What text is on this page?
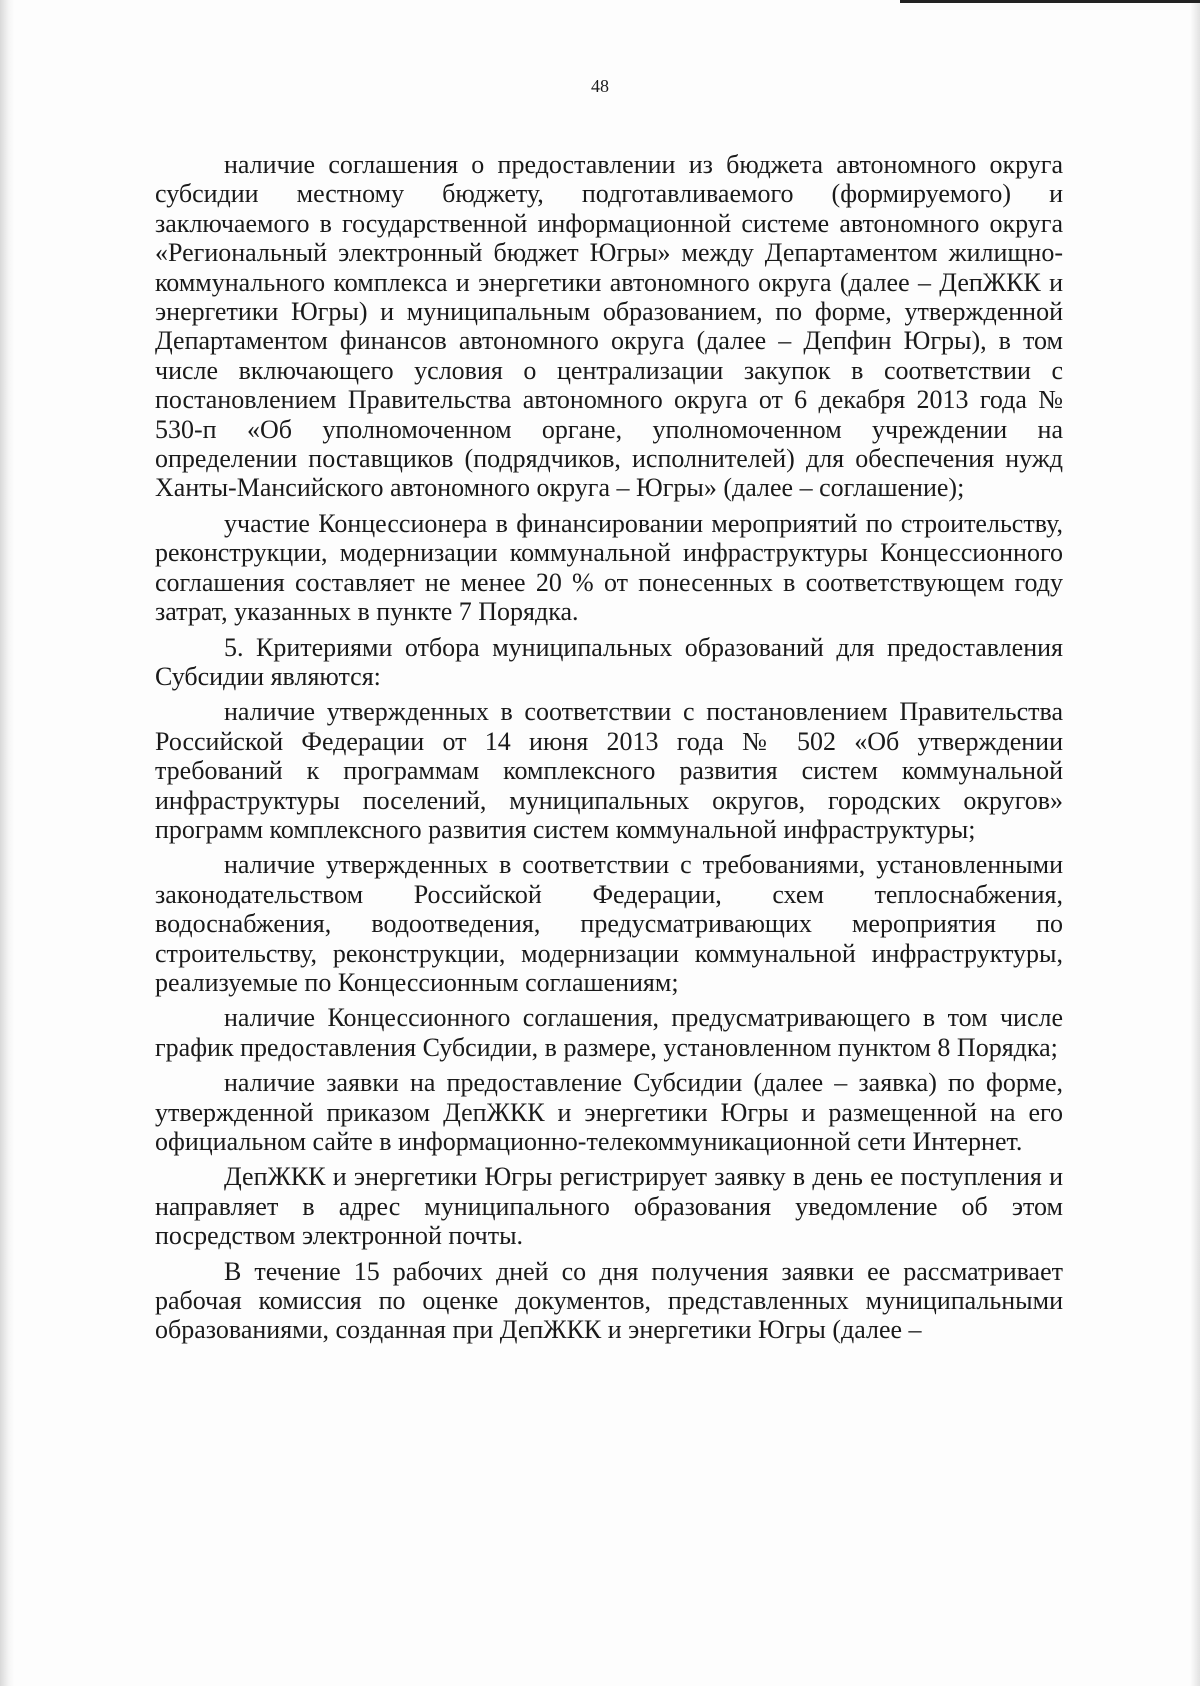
48

наличие соглашения о предоставлении из бюджета автономного округа субсидии местному бюджету, подготавливаемого (формируемого) и заключаемого в государственной информационной системе автономного округа «Региональный электронный бюджет Югры» между Департаментом жилищно-коммунального комплекса и энергетики автономного округа (далее – ДепЖКК и энергетики Югры) и муниципальным образованием, по форме, утвержденной Департаментом финансов автономного округа (далее – Депфин Югры), в том числе включающего условия о централизации закупок в соответствии с постановлением Правительства автономного округа от 6 декабря 2013 года № 530-п «Об уполномоченном органе, уполномоченном учреждении на определении поставщиков (подрядчиков, исполнителей) для обеспечения нужд Ханты-Мансийского автономного округа – Югры» (далее – соглашение);

участие Концессионера в финансировании мероприятий по строительству, реконструкции, модернизации коммунальной инфраструктуры Концессионного соглашения составляет не менее 20 % от понесенных в соответствующем году затрат, указанных в пункте 7 Порядка.

5. Критериями отбора муниципальных образований для предоставления Субсидии являются:

наличие утвержденных в соответствии с постановлением Правительства Российской Федерации от 14 июня 2013 года № 502 «Об утверждении требований к программам комплексного развития систем коммунальной инфраструктуры поселений, муниципальных округов, городских округов» программ комплексного развития систем коммунальной инфраструктуры;

наличие утвержденных в соответствии с требованиями, установленными законодательством Российской Федерации, схем теплоснабжения, водоснабжения, водоотведения, предусматривающих мероприятия по строительству, реконструкции, модернизации коммунальной инфраструктуры, реализуемые по Концессионным соглашениям;

наличие Концессионного соглашения, предусматривающего в том числе график предоставления Субсидии, в размере, установленном пунктом 8 Порядка;

наличие заявки на предоставление Субсидии (далее – заявка) по форме, утвержденной приказом ДепЖКК и энергетики Югры и размещенной на его официальном сайте в информационно-телекоммуникационной сети Интернет.

ДепЖКК и энергетики Югры регистрирует заявку в день ее поступления и направляет в адрес муниципального образования уведомление об этом посредством электронной почты.

В течение 15 рабочих дней со дня получения заявки ее рассматривает рабочая комиссия по оценке документов, представленных муниципальными образованиями, созданная при ДепЖКК и энергетики Югры (далее –
